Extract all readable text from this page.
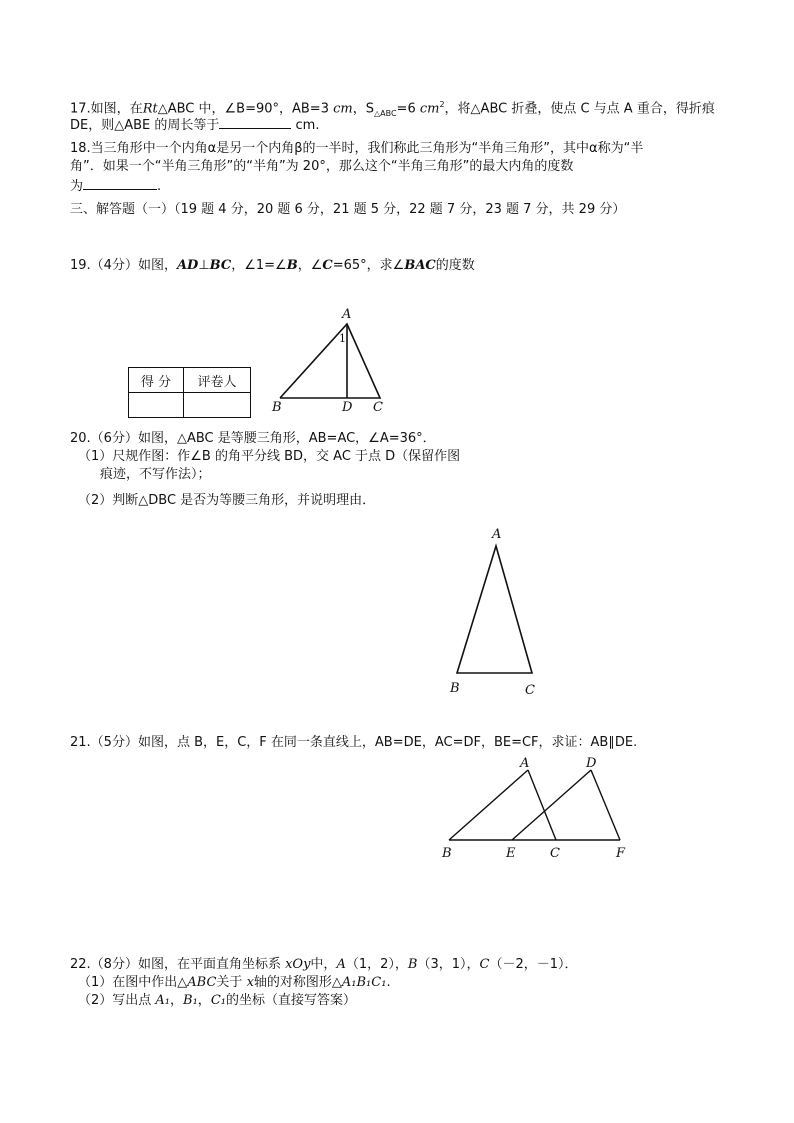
17.如图，在Rt△ABC 中，∠B=90°，AB=3 cm，$S_{\triangle ABC}=6$ $cm^2$，将△ABC 折叠，使点 C 与点 A 重合，得折痕
DE，则△ABE 的周长等于	cm.
18.当三角形中一个内角α是另一个内角β的一半时，我们称此三角形为“半角三角形”，其中α称为“半
角”．如果一个“半角三角形”的“半角”为 20°，那么这个“半角三角形”的最大内角的度数
为	.
三、解答题（一）（19 题 4 分，20 题 6 分，21 题 5 分，22 题 7 分，23 题 7 分，共 29 分）
19.（4分）如图，AD⊥BC，∠1=∠B，∠C=65°，求∠BAC的度数
A
B	D C
1
得 分	评卷人

20.（6分）如图，△ABC 是等腰三角形，AB=AC，∠A=36°．
（1）尺规作图：作∠B 的角平分线 BD，交 AC 于点 D（保留作图
痕迹，不写作法）；
（2）判断△DBC 是否为等腰三角形，并说明理由．
A
B	C
21.（5分）如图，点 B，E，C，F 在同一条直线上，AB=DE，AC=DF，BE=CF，求证：AB∥DE.
A	D
B	E	C	F
22.（8分）如图，在平面直角坐标系 xOy中，A（1，2），B（3，1），C（－2，－1）．
（1）在图中作出△ABC关于 x轴的对称图形△A₁B₁C₁.
（2）写出点 A₁，B₁，C₁的坐标（直接写答案）
